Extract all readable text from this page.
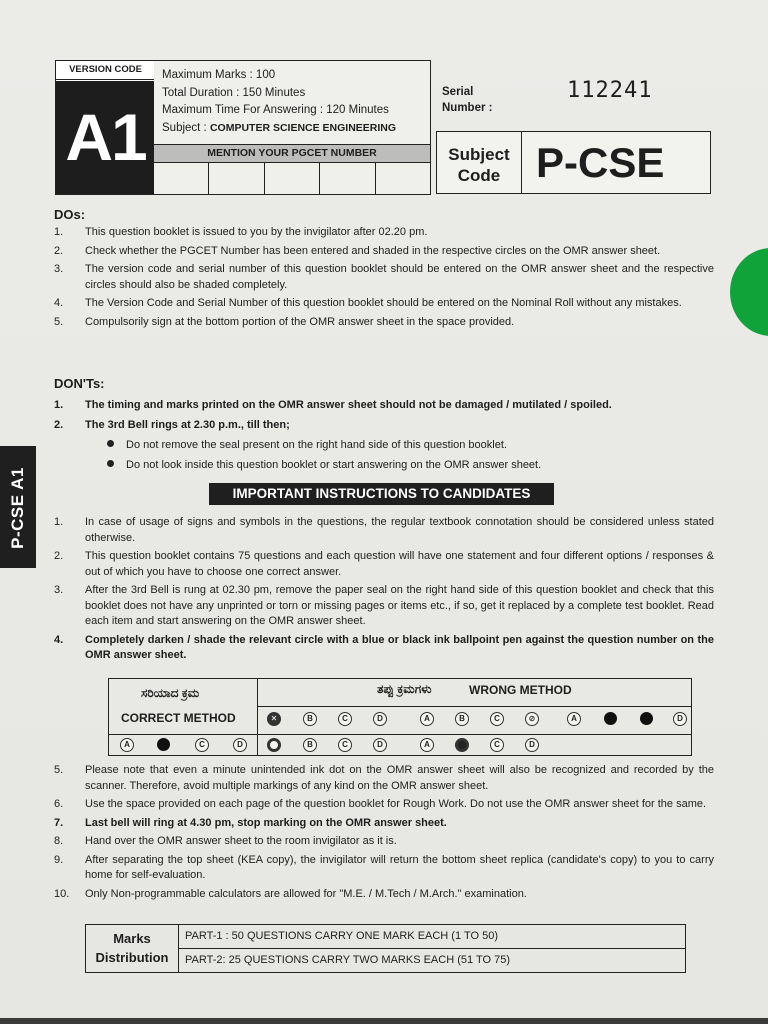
VERSION CODE
A1
Maximum Marks : 100
Total Duration : 150 Minutes
Maximum Time For Answering : 120 Minutes
Subject : COMPUTER SCIENCE ENGINEERING
MENTION YOUR PGCET NUMBER
Serial
Number :
112241
Subject
Code P-CSE
DOs:
1. This question booklet is issued to you by the invigilator after 02.20 pm.
2. Check whether the PGCET Number has been entered and shaded in the respective circles on the OMR answer sheet.
3. The version code and serial number of this question booklet should be entered on the OMR answer sheet and the respective circles should also be shaded completely.
4. The Version Code and Serial Number of this question booklet should be entered on the Nominal Roll without any mistakes.
5. Compulsorily sign at the bottom portion of the OMR answer sheet in the space provided.
DON'Ts:
1. The timing and marks printed on the OMR answer sheet should not be damaged / mutilated / spoiled.
2. The 3rd Bell rings at 2.30 p.m., till then;
Do not remove the seal present on the right hand side of this question booklet.
Do not look inside this question booklet or start answering on the OMR answer sheet.
IMPORTANT INSTRUCTIONS TO CANDIDATES
1. In case of usage of signs and symbols in the questions, the regular textbook connotation should be considered unless stated otherwise.
2. This question booklet contains 75 questions and each question will have one statement and four different options / responses & out of which you have to choose one correct answer.
3. After the 3rd Bell is rung at 02.30 pm, remove the paper seal on the right hand side of this question booklet and check that this booklet does not have any unprinted or torn or missing pages or items etc., if so, get it replaced by a complete test booklet. Read each item and start answering on the OMR answer sheet.
4. Completely darken / shade the relevant circle with a blue or black ink ballpoint pen against the question number on the OMR answer sheet.
ಸರಿಯಾದ ಕ್ರಮ
CORRECT METHOD
ತಪ್ಪು ಕ್ರಮಗಳು	WRONG METHOD
A	C	D
✕	B	C	D	A	B	C	⊘	A	D
B	C	D	A	C	D
5. Please note that even a minute unintended ink dot on the OMR answer sheet will also be recognized and recorded by the scanner. Therefore, avoid multiple markings of any kind on the OMR answer sheet.
6. Use the space provided on each page of the question booklet for Rough Work. Do not use the OMR answer sheet for the same.
7. Last bell will ring at 4.30 pm, stop marking on the OMR answer sheet.
8. Hand over the OMR answer sheet to the room invigilator as it is.
9. After separating the top sheet (KEA copy), the invigilator will return the bottom sheet replica (candidate's copy) to you to carry home for self-evaluation.
10. Only Non-programmable calculators are allowed for "M.E. / M.Tech / M.Arch." examination.
Marks
Distribution
PART-1 : 50 QUESTIONS CARRY ONE MARK EACH (1 TO 50)
PART-2: 25 QUESTIONS CARRY TWO MARKS EACH (51 TO 75)
P-CSE A1
